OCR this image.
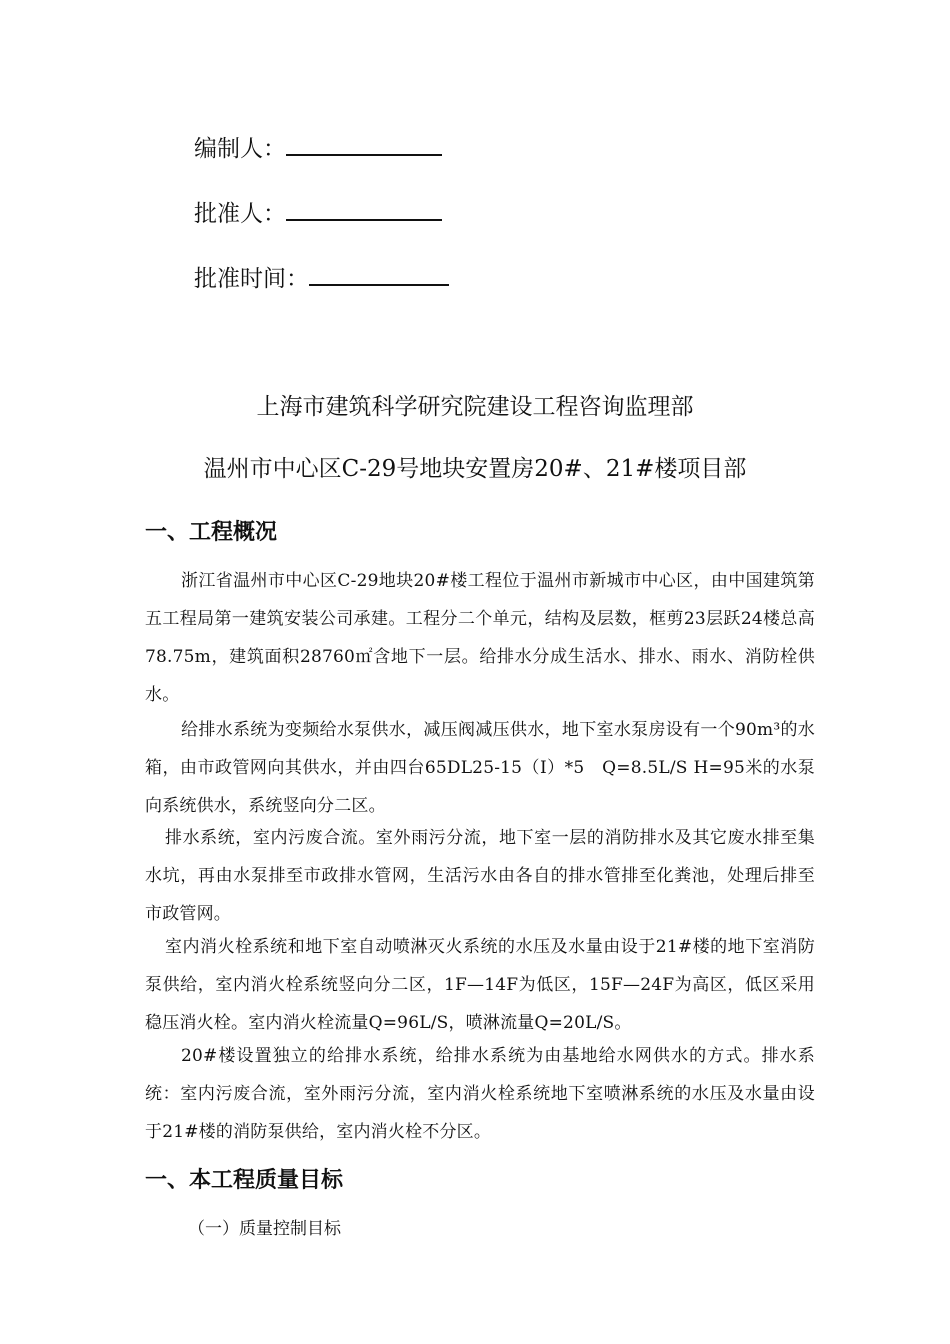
编制人：
批准人：
批准时间：
上海市建筑科学研究院建设工程咨询监理部
温州市中心区C-29号地块安置房20#、21#楼项目部
一、工程概况
浙江省温州市中心区C-29地块20#楼工程位于温州市新城市中心区，由中国建筑第五工程局第一建筑安装公司承建。工程分二个单元，结构及层数，框剪23层跃24楼总高78.75m，建筑面积28760㎡含地下一层。给排水分成生活水、排水、雨水、消防栓供水。
给排水系统为变频给水泵供水，减压阀减压供水，地下室水泵房设有一个90m³的水箱，由市政管网向其供水，并由四台65DL25-15（Ⅰ）*5　Q=8.5L/S H=95米的水泵向系统供水，系统竖向分二区。
排水系统，室内污废合流。室外雨污分流，地下室一层的消防排水及其它废水排至集水坑，再由水泵排至市政排水管网，生活污水由各自的排水管排至化粪池，处理后排至市政管网。
室内消火栓系统和地下室自动喷淋灭火系统的水压及水量由设于21#楼的地下室消防泵供给，室内消火栓系统竖向分二区，1F—14F为低区，15F—24F为高区，低区采用稳压消火栓。室内消火栓流量Q=96L/S，喷淋流量Q=20L/S。
20#楼设置独立的给排水系统，给排水系统为由基地给水网供水的方式。排水系统：室内污废合流，室外雨污分流，室内消火栓系统地下室喷淋系统的水压及水量由设于21#楼的消防泵供给，室内消火栓不分区。
一、本工程质量目标
（一）质量控制目标
